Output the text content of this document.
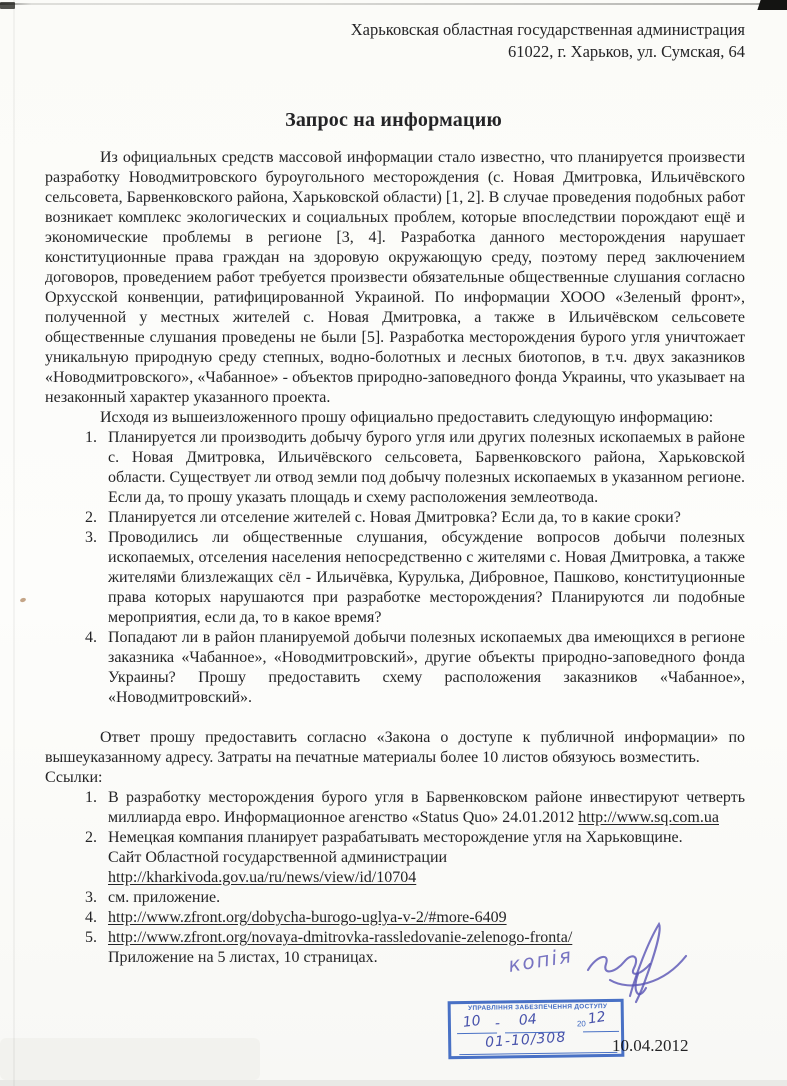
Харьковская областная государственная администрация
61022, г. Харьков, ул. Сумская, 64
Запрос на информацию

Из официальных средств массовой информации стало известно, что планируется произвести разработку Новодмитровского буроугольного месторождения (с. Новая Дмитровка, Ильичёвского сельсовета, Барвенковского района, Харьковской области) [1, 2]. В случае проведения подобных работ возникает комплекс экологических и социальных проблем, которые впоследствии порождают ещё и экономические проблемы в регионе [3, 4]. Разработка данного месторождения нарушает конституционные права граждан на здоровую окружающую среду, поэтому перед заключением договоров, проведением работ требуется произвести обязательные общественные слушания согласно Орхусской конвенции, ратифицированной Украиной. По информации ХООО «Зеленый фронт», полученной у местных жителей с. Новая Дмитровка, а также в Ильичёвском сельсовете общественные слушания проведены не были [5]. Разработка месторождения бурого угля уничтожает уникальную природную среду степных, водно-болотных и лесных биотопов, в т.ч. двух заказников «Новодмитровского», «Чабанное» - объектов природно-заповедного фонда Украины, что указывает на незаконный характер указанного проекта.

Исходя из вышеизложенного прошу официально предоставить следующую информацию:

1. Планируется ли производить добычу бурого угля или других полезных ископаемых в районе с. Новая Дмитровка, Ильичёвского сельсовета, Барвенковского района, Харьковской области. Существует ли отвод земли под добычу полезных ископаемых в указанном регионе. Если да, то прошу указать площадь и схему расположения землеотвода.
2. Планируется ли отселение жителей с. Новая Дмитровка? Если да, то в какие сроки?
3. Проводились ли общественные слушания, обсуждение вопросов добычи полезных ископаемых, отселения населения непосредственно с жителями с. Новая Дмитровка, а также жителями близлежащих сёл - Ильичёвка, Курулька, Дибровное, Пашково, конституционные права которых нарушаются при разработке месторождения? Планируются ли подобные мероприятия, если да, то в какое время?
4. Попадают ли в район планируемой добычи полезных ископаемых два имеющихся в регионе заказника «Чабанное», «Новодмитровский», другие объекты природно-заповедного фонда Украины? Прошу предоставить схему расположения заказников «Чабанное», «Новодмитровский».

Ответ прошу предоставить согласно «Закона о доступе к публичной информации» по вышеуказанному адресу. Затраты на печатные материалы более 10 листов обязуюсь возместить.

Ссылки:

1. В разработку месторождения бурого угля в Барвенковском районе инвестируют четверть миллиарда евро. Информационное агенство «Status Quo» 24.01.2012 http://www.sq.com.ua
2. Немецкая компания планирует разрабатывать месторождение угля на Харьковщине.
Сайт Областной государственной администрации
http://kharkivoda.gov.ua/ru/news/view/id/10704
3. см. приложение.
4. http://www.zfront.org/dobycha-burogo-uglya-v-2/#more-6409
5. http://www.zfront.org/novaya-dmitrovka-rassledovanie-zelenogo-fronta/
Приложение на 5 листах, 10 страницах.
10.04.2012
УПРАВЛІННЯ ЗАБЕЗПЕЧЕННЯ ДОСТУПУ
10 - 04	20 12
01-10/308
копія
